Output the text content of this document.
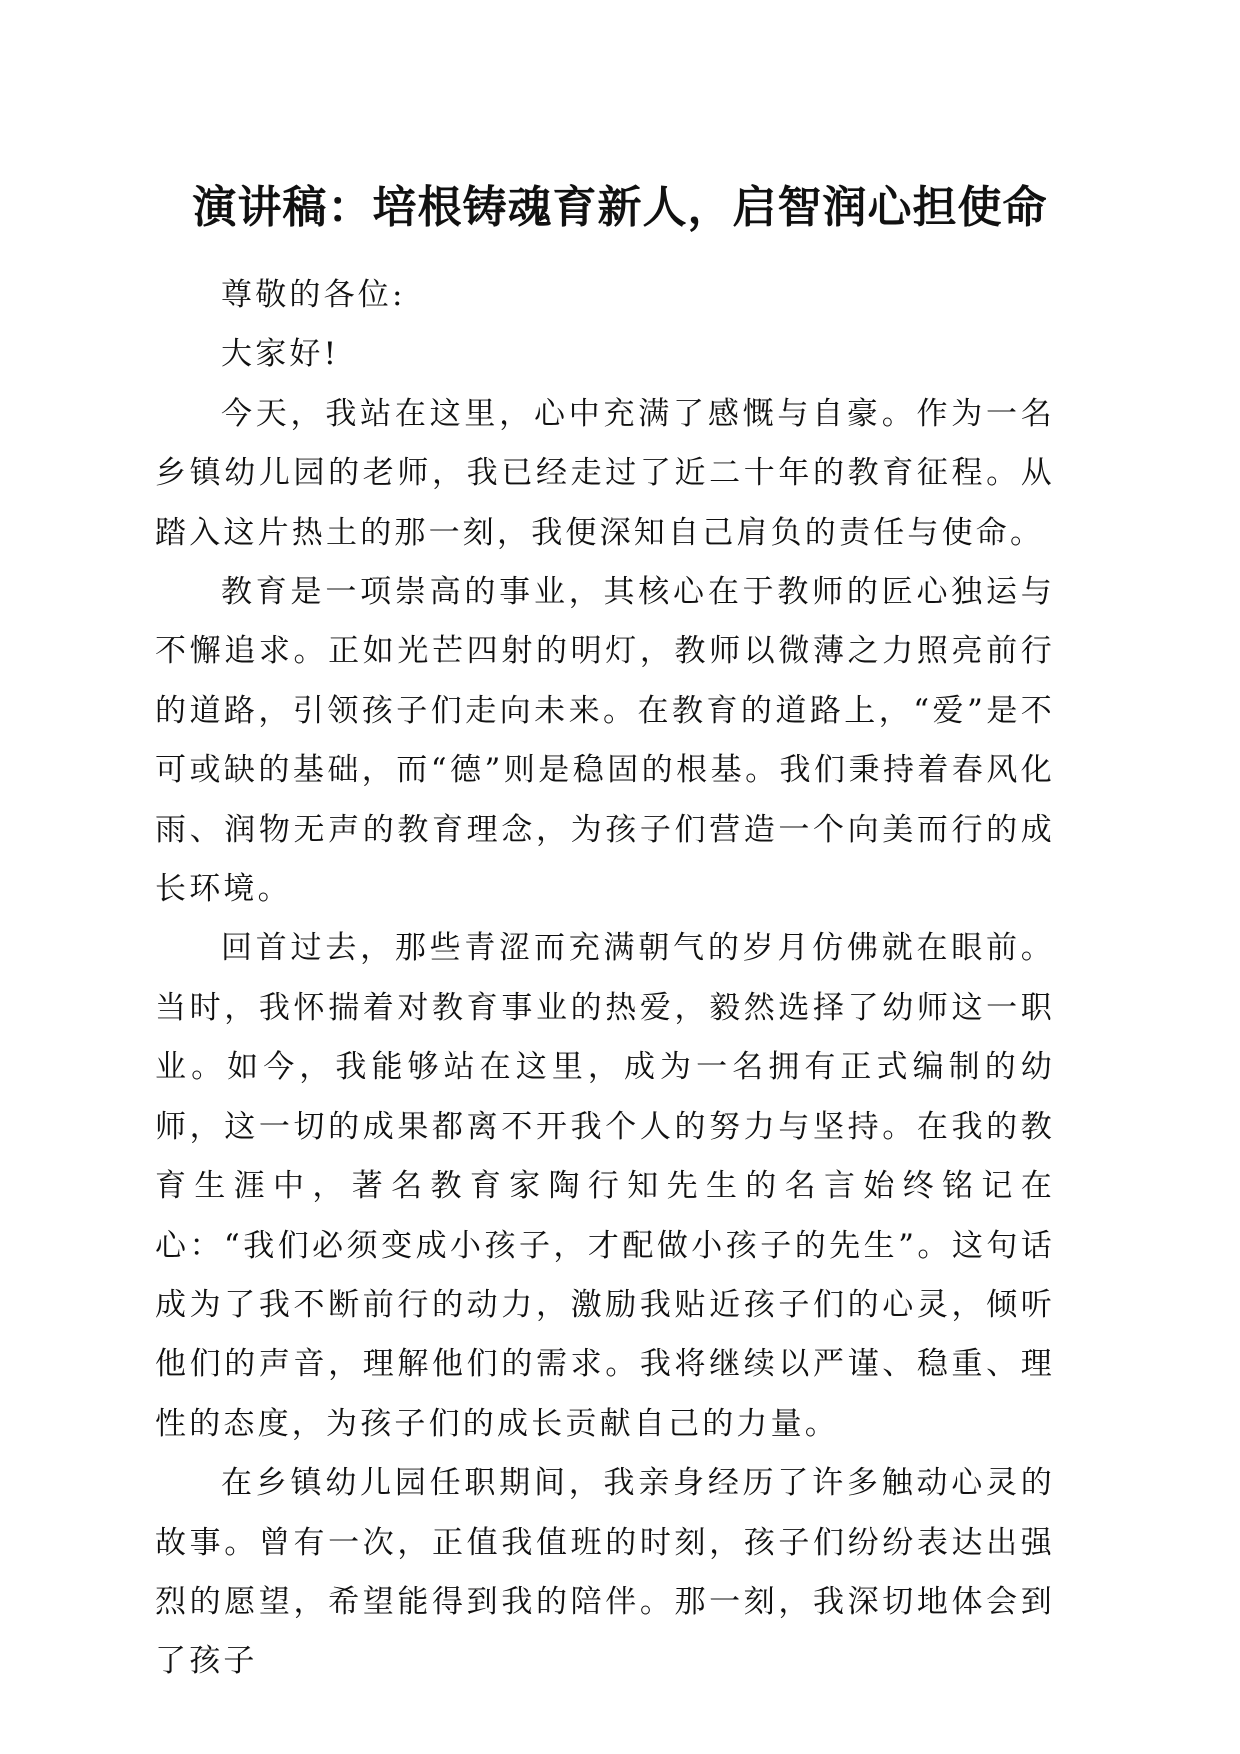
演讲稿：培根铸魂育新人，启智润心担使命

尊敬的各位:

大家好!

今天，我站在这里，心中充满了感慨与自豪。作为一名乡镇幼儿园的老师，我已经走过了近二十年的教育征程。从踏入这片热土的那一刻，我便深知自己肩负的责任与使命。

教育是一项崇高的事业，其核心在于教师的匠心独运与不懈追求。正如光芒四射的明灯，教师以微薄之力照亮前行的道路，引领孩子们走向未来。在教育的道路上，“爱”是不可或缺的基础，而“德”则是稳固的根基。我们秉持着春风化雨、润物无声的教育理念，为孩子们营造一个向美而行的成长环境。

回首过去，那些青涩而充满朝气的岁月仿佛就在眼前。当时，我怀揣着对教育事业的热爱，毅然选择了幼师这一职业。如今，我能够站在这里，成为一名拥有正式编制的幼师，这一切的成果都离不开我个人的努力与坚持。在我的教育生涯中，著名教育家陶行知先生的名言始终铭记在心：“我们必须变成小孩子，才配做小孩子的先生”。这句话成为了我不断前行的动力，激励我贴近孩子们的心灵，倾听他们的声音，理解他们的需求。我将继续以严谨、稳重、理性的态度，为孩子们的成长贡献自己的力量。

在乡镇幼儿园任职期间，我亲身经历了许多触动心灵的故事。曾有一次，正值我值班的时刻，孩子们纷纷表达出强烈的愿望，希望能得到我的陪伴。那一刻，我深切地体会到了孩子
